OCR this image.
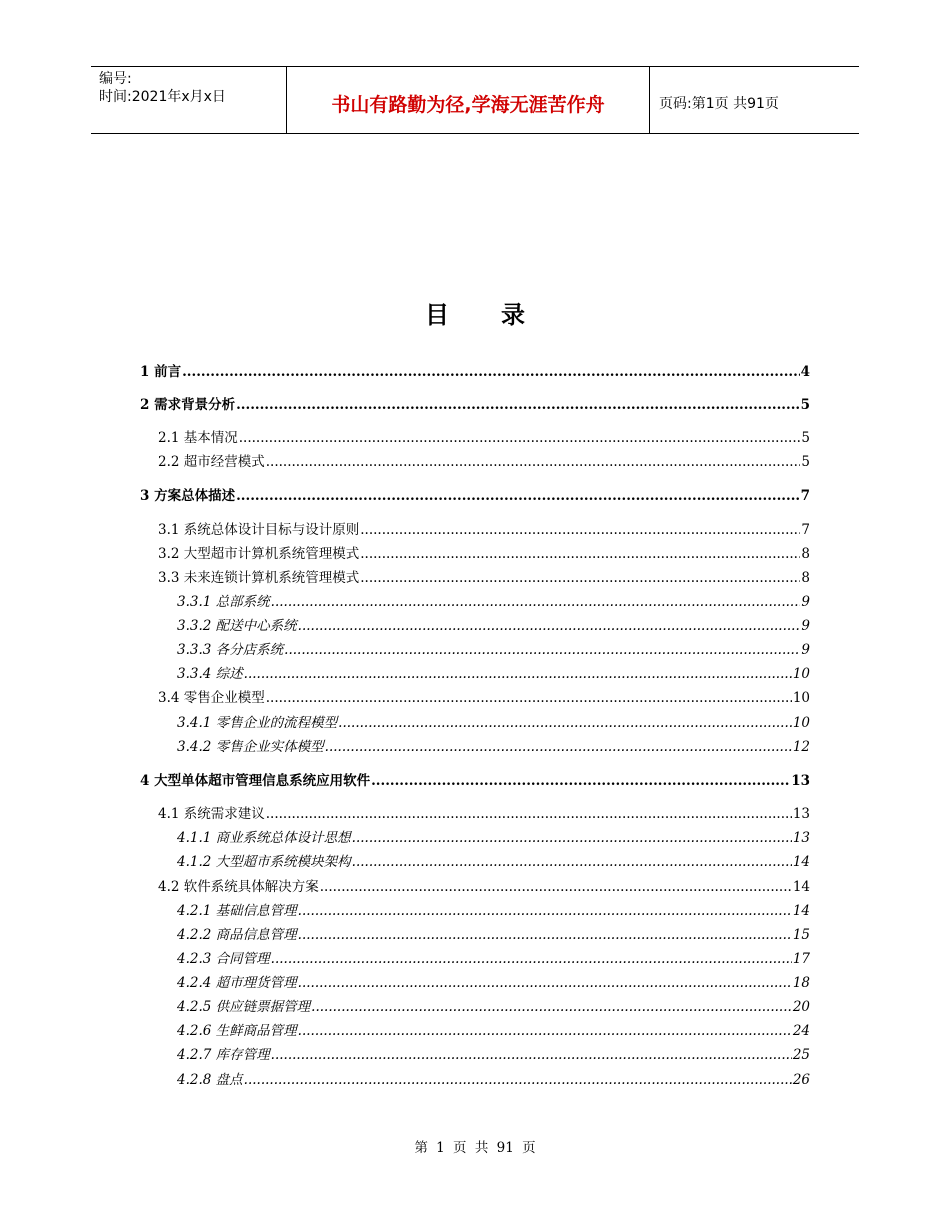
编号:
时间:2021年x月x日	书山有路勤为径,学海无涯苦作舟	页码:第1页 共91页
目录
1 前言 .....	4
2 需求背景分析 .....	5
2.1 基本情况 .....	5
2.2 超市经营模式 .....	5
3 方案总体描述 .....	7
3.1 系统总体设计目标与设计原则 .....	7
3.2 大型超市计算机系统管理模式 .....	8
3.3 未来连锁计算机系统管理模式 .....	8
3.3.1 总部系统 .....	9
3.3.2 配送中心系统 .....	9
3.3.3 各分店系统 .....	9
3.3.4 综述 .....	10
3.4 零售企业模型 .....	10
3.4.1 零售企业的流程模型 .....	10
3.4.2 零售企业实体模型 .....	12
4 大型单体超市管理信息系统应用软件 .....	13
4.1 系统需求建议 .....	13
4.1.1 商业系统总体设计思想 .....	13
4.1.2 大型超市系统模块架构 .....	14
4.2 软件系统具体解决方案 .....	14
4.2.1 基础信息管理 .....	14
4.2.2 商品信息管理 .....	15
4.2.3 合同管理 .....	17
4.2.4 超市理货管理 .....	18
4.2.5 供应链票据管理 .....	20
4.2.6 生鲜商品管理 .....	24
4.2.7 库存管理 .....	25
4.2.8 盘点 .....	26
第 1 页 共 91 页
